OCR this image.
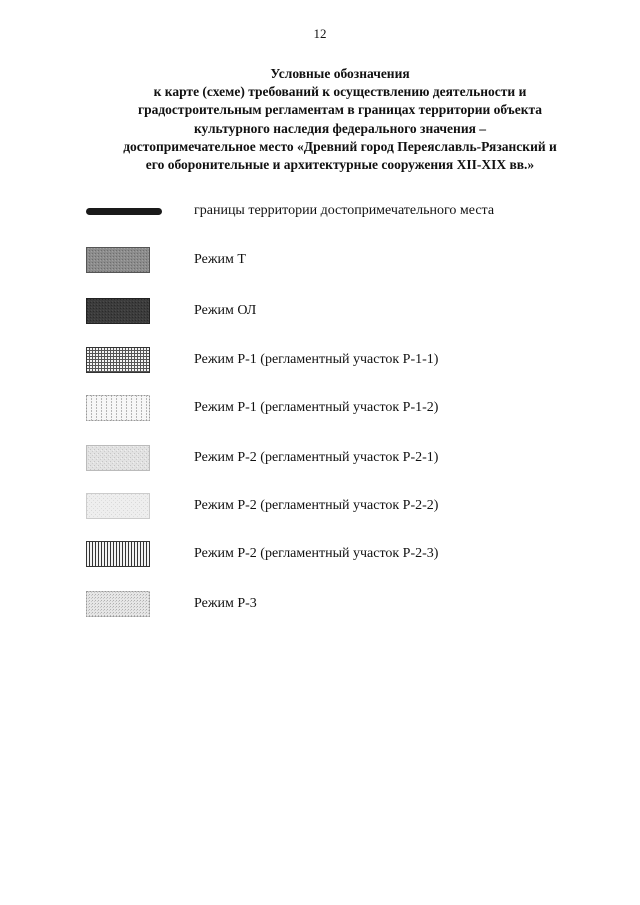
12
Условные обозначения
к карте (схеме) требований к осуществлению деятельности и
градостроительным регламентам в границах территории объекта
культурного наследия федерального значения –
достопримечательное место «Древний город Переяславль-Рязанский и
его оборонительные и архитектурные сооружения XII-XIX вв.»
границы территории достопримечательного места
Режим Т
Режим ОЛ
Режим Р-1 (регламентный участок Р-1-1)
Режим Р-1 (регламентный участок Р-1-2)
Режим Р-2 (регламентный участок Р-2-1)
Режим Р-2 (регламентный участок Р-2-2)
Режим Р-2 (регламентный участок Р-2-3)
Режим Р-3
